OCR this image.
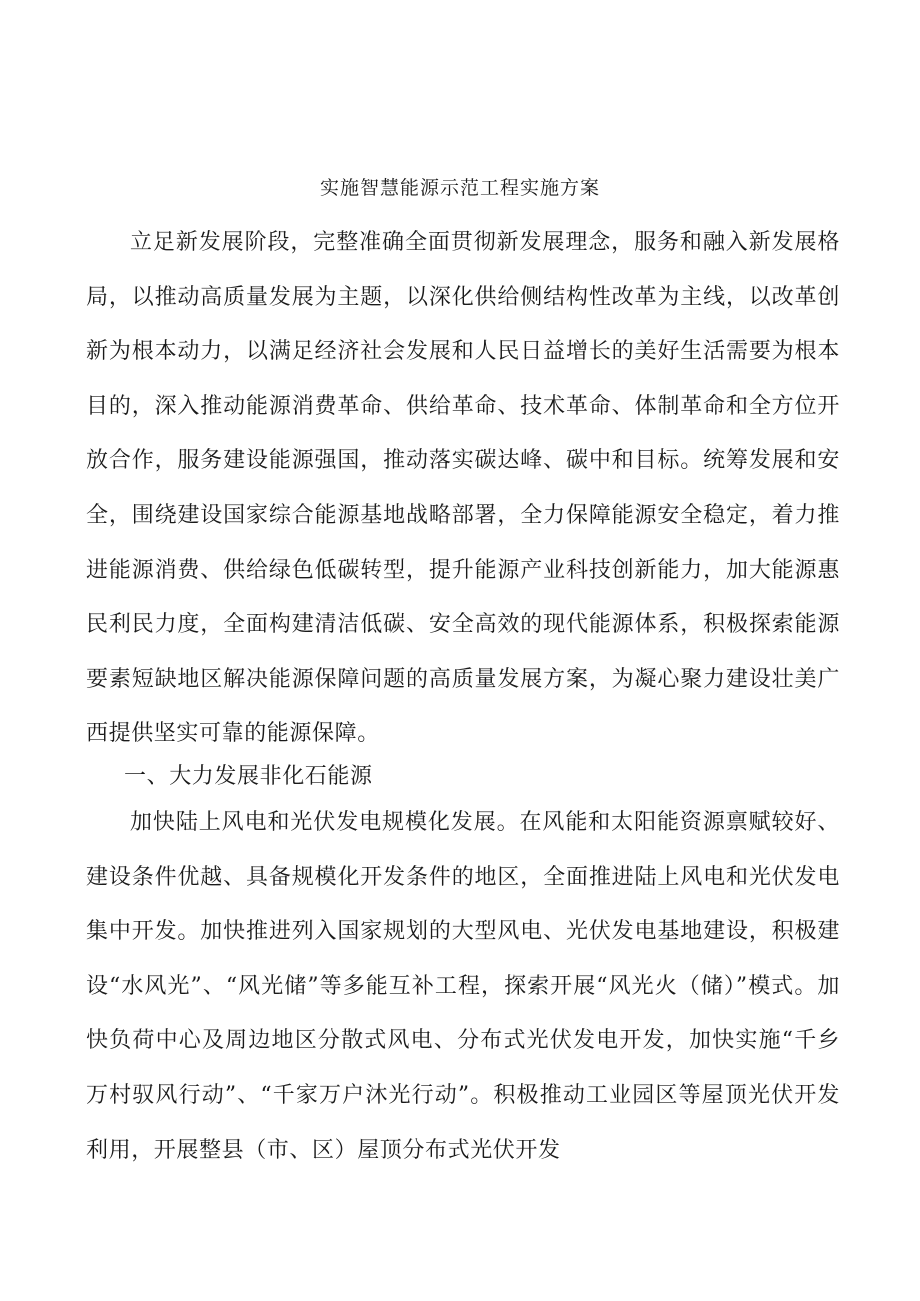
实施智慧能源示范工程实施方案

立足新发展阶段，完整准确全面贯彻新发展理念，服务和融入新发展格局，以推动高质量发展为主题，以深化供给侧结构性改革为主线，以改革创新为根本动力，以满足经济社会发展和人民日益增长的美好生活需要为根本目的，深入推动能源消费革命、供给革命、技术革命、体制革命和全方位开放合作，服务建设能源强国，推动落实碳达峰、碳中和目标。统筹发展和安全，围绕建设国家综合能源基地战略部署，全力保障能源安全稳定，着力推进能源消费、供给绿色低碳转型，提升能源产业科技创新能力，加大能源惠民利民力度，全面构建清洁低碳、安全高效的现代能源体系，积极探索能源要素短缺地区解决能源保障问题的高质量发展方案，为凝心聚力建设壮美广西提供坚实可靠的能源保障。

一、大力发展非化石能源

加快陆上风电和光伏发电规模化发展。在风能和太阳能资源禀赋较好、建设条件优越、具备规模化开发条件的地区，全面推进陆上风电和光伏发电集中开发。加快推进列入国家规划的大型风电、光伏发电基地建设，积极建设“水风光”、“风光储”等多能互补工程，探索开展“风光火（储）”模式。加快负荷中心及周边地区分散式风电、分布式光伏发电开发，加快实施“千乡万村驭风行动”、“千家万户沐光行动”。积极推动工业园区等屋顶光伏开发利用，开展整县（市、区）屋顶分布式光伏开发
